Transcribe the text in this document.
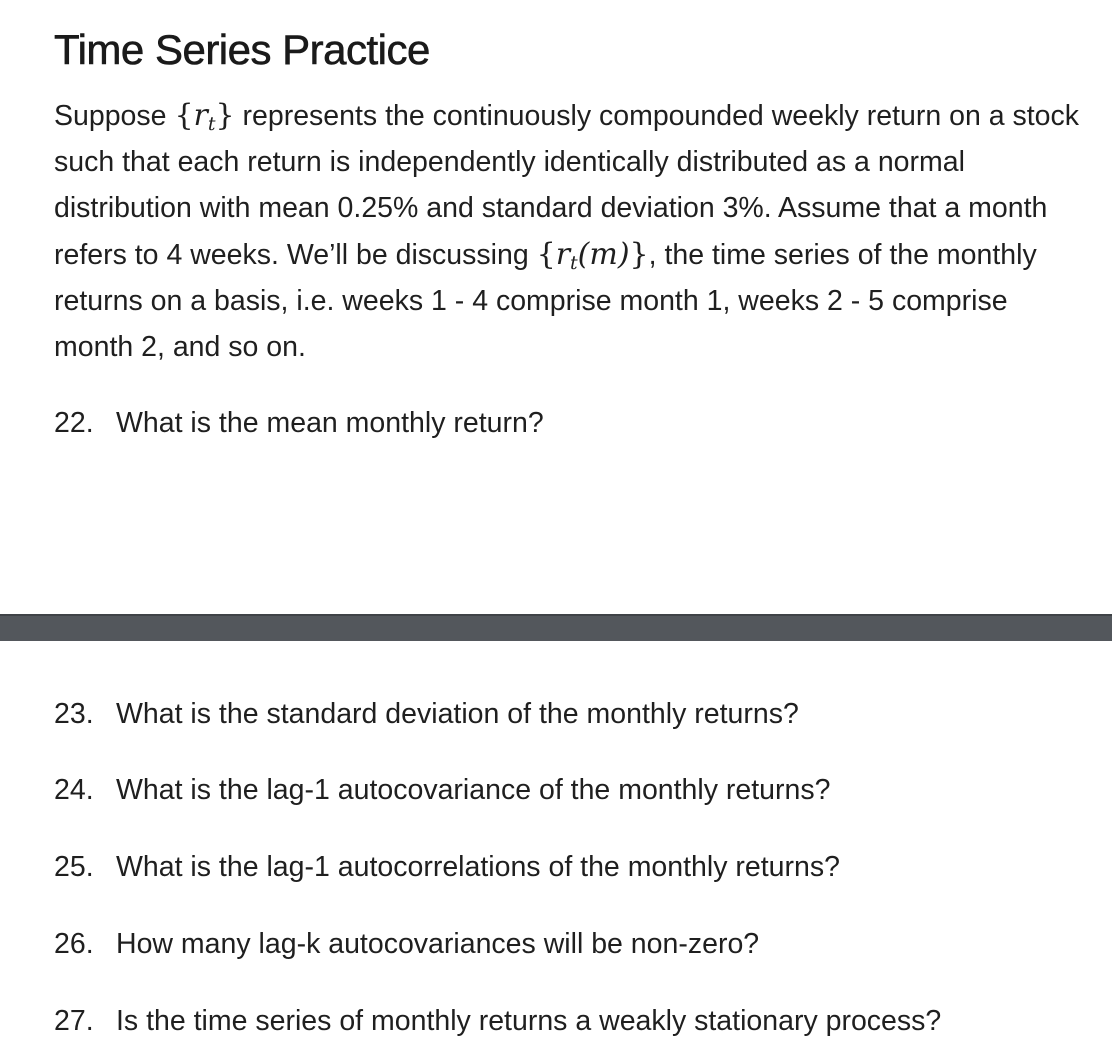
Time Series Practice

Suppose $\{r_t\}$ represents the continuously compounded weekly return on a stock such that each return is independently identically distributed as a normal distribution with mean 0.25% and standard deviation 3%. Assume that a month refers to 4 weeks. We’ll be discussing $\{r_t(m)\}$, the time series of the monthly returns on a basis, i.e. weeks 1 - 4 comprise month 1, weeks 2 - 5 comprise month 2, and so on.

22. What is the mean monthly return?

23. What is the standard deviation of the monthly returns?

24. What is the lag-1 autocovariance of the monthly returns?

25. What is the lag-1 autocorrelations of the monthly returns?

26. How many lag-k autocovariances will be non-zero?

27. Is the time series of monthly returns a weakly stationary process?
